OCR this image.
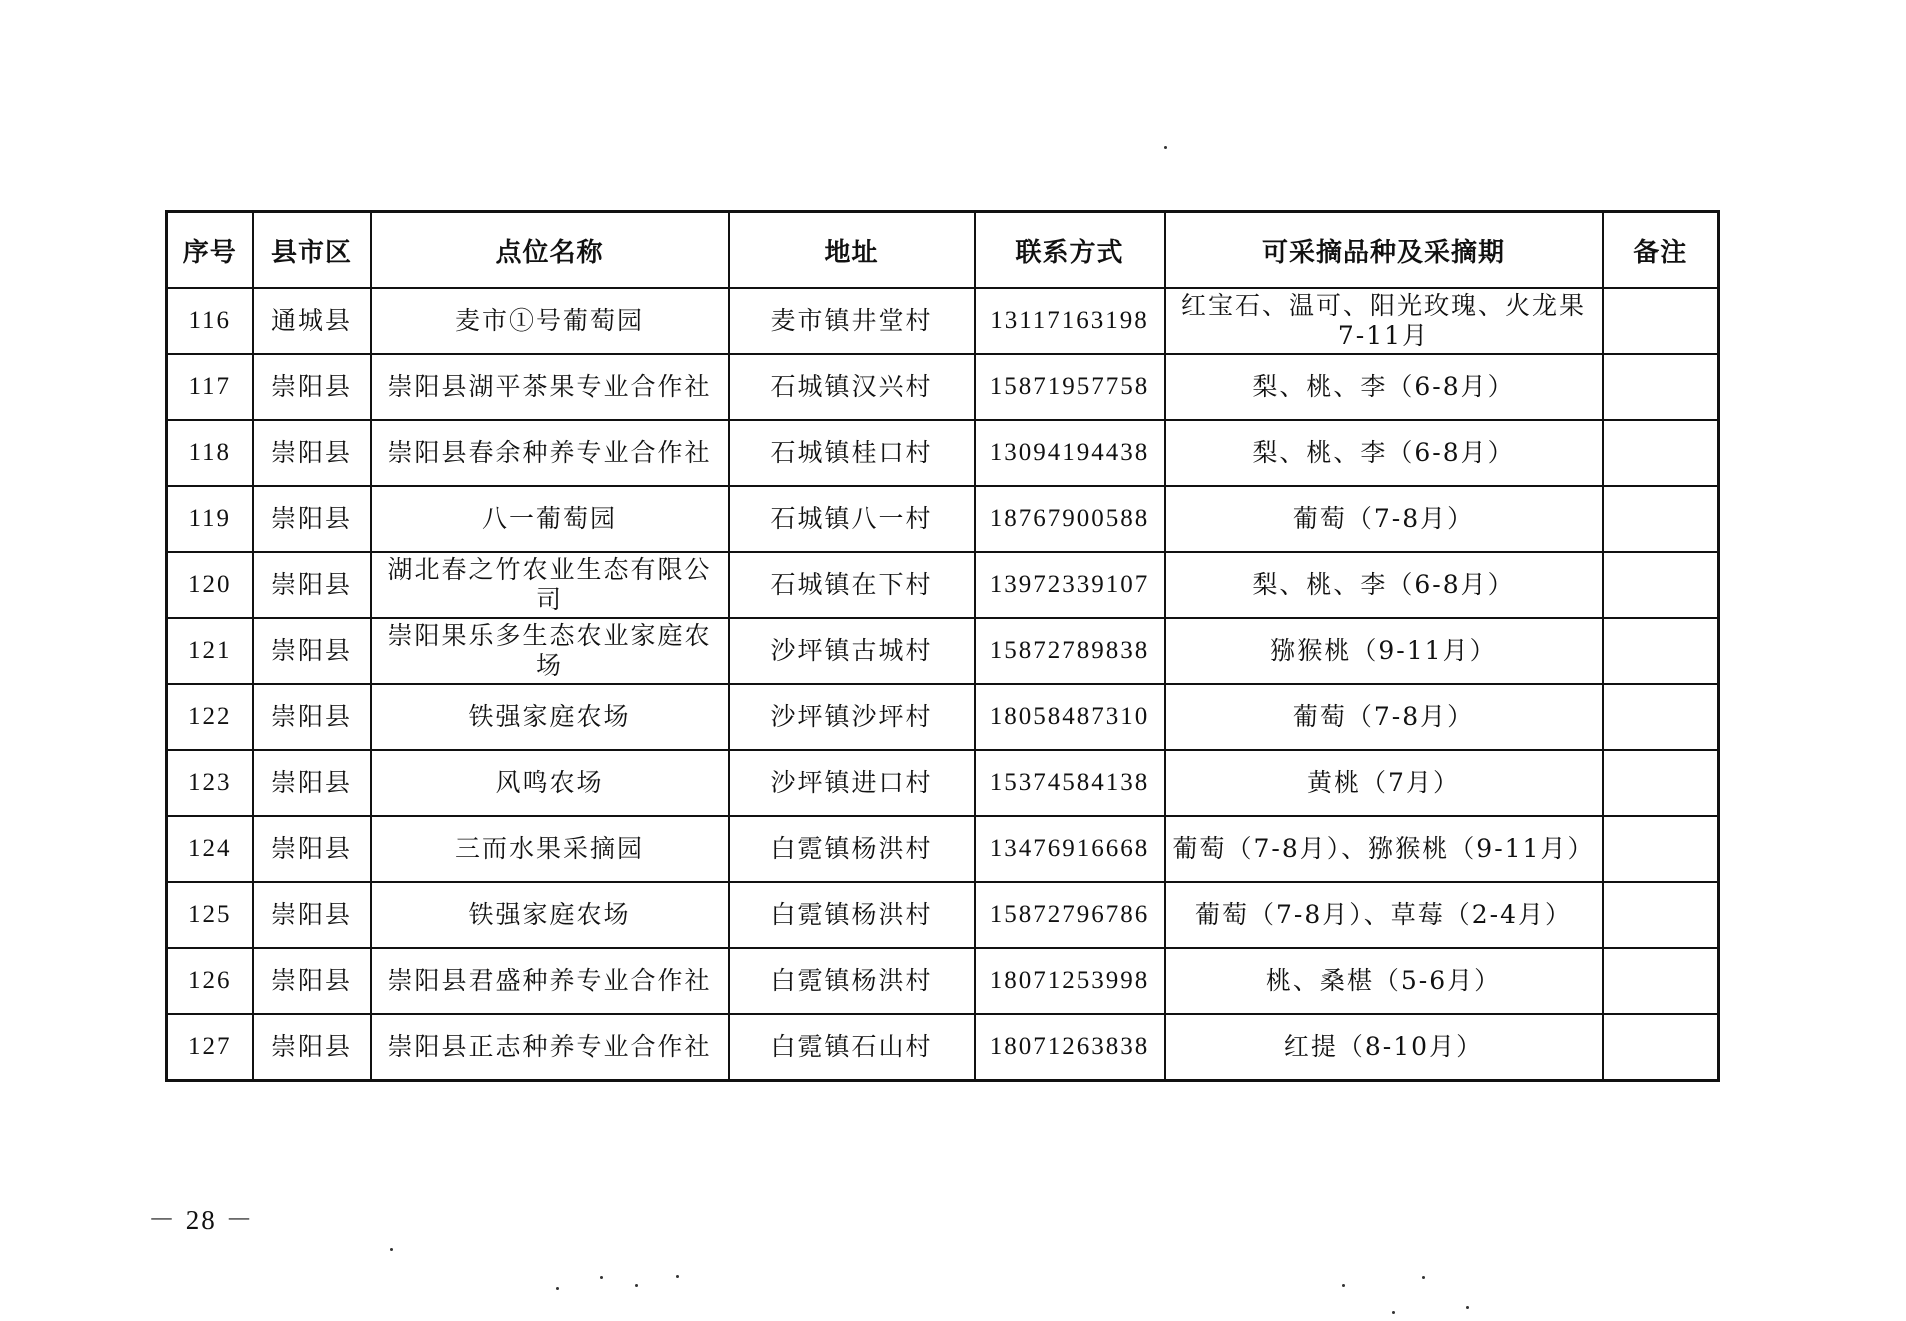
序号	县市区	点位名称	地址	联系方式	可采摘品种及采摘期	备注
116	通城县	麦市①号葡萄园	麦市镇井堂村	13117163198	红宝石、温可、阳光玫瑰、火龙果7-11月	
117	崇阳县	崇阳县湖平茶果专业合作社	石城镇汉兴村	15871957758	梨、桃、李（6-8月）	
118	崇阳县	崇阳县春余种养专业合作社	石城镇桂口村	13094194438	梨、桃、李（6-8月）	
119	崇阳县	八一葡萄园	石城镇八一村	18767900588	葡萄（7-8月）	
120	崇阳县	湖北春之竹农业生态有限公司	石城镇在下村	13972339107	梨、桃、李（6-8月）	
121	崇阳县	崇阳果乐多生态农业家庭农场	沙坪镇古城村	15872789838	猕猴桃（9-11月）	
122	崇阳县	铁强家庭农场	沙坪镇沙坪村	18058487310	葡萄（7-8月）	
123	崇阳县	风鸣农场	沙坪镇进口村	15374584138	黄桃（7月）	
124	崇阳县	三而水果采摘园	白霓镇杨洪村	13476916668	葡萄（7-8月）、猕猴桃（9-11月）	
125	崇阳县	铁强家庭农场	白霓镇杨洪村	15872796786	葡萄（7-8月）、草莓（2-4月）	
126	崇阳县	崇阳县君盛种养专业合作社	白霓镇杨洪村	18071253998	桃、桑椹（5-6月）	
127	崇阳县	崇阳县正志种养专业合作社	白霓镇石山村	18071263838	红提（8-10月）	
－ 28 －
